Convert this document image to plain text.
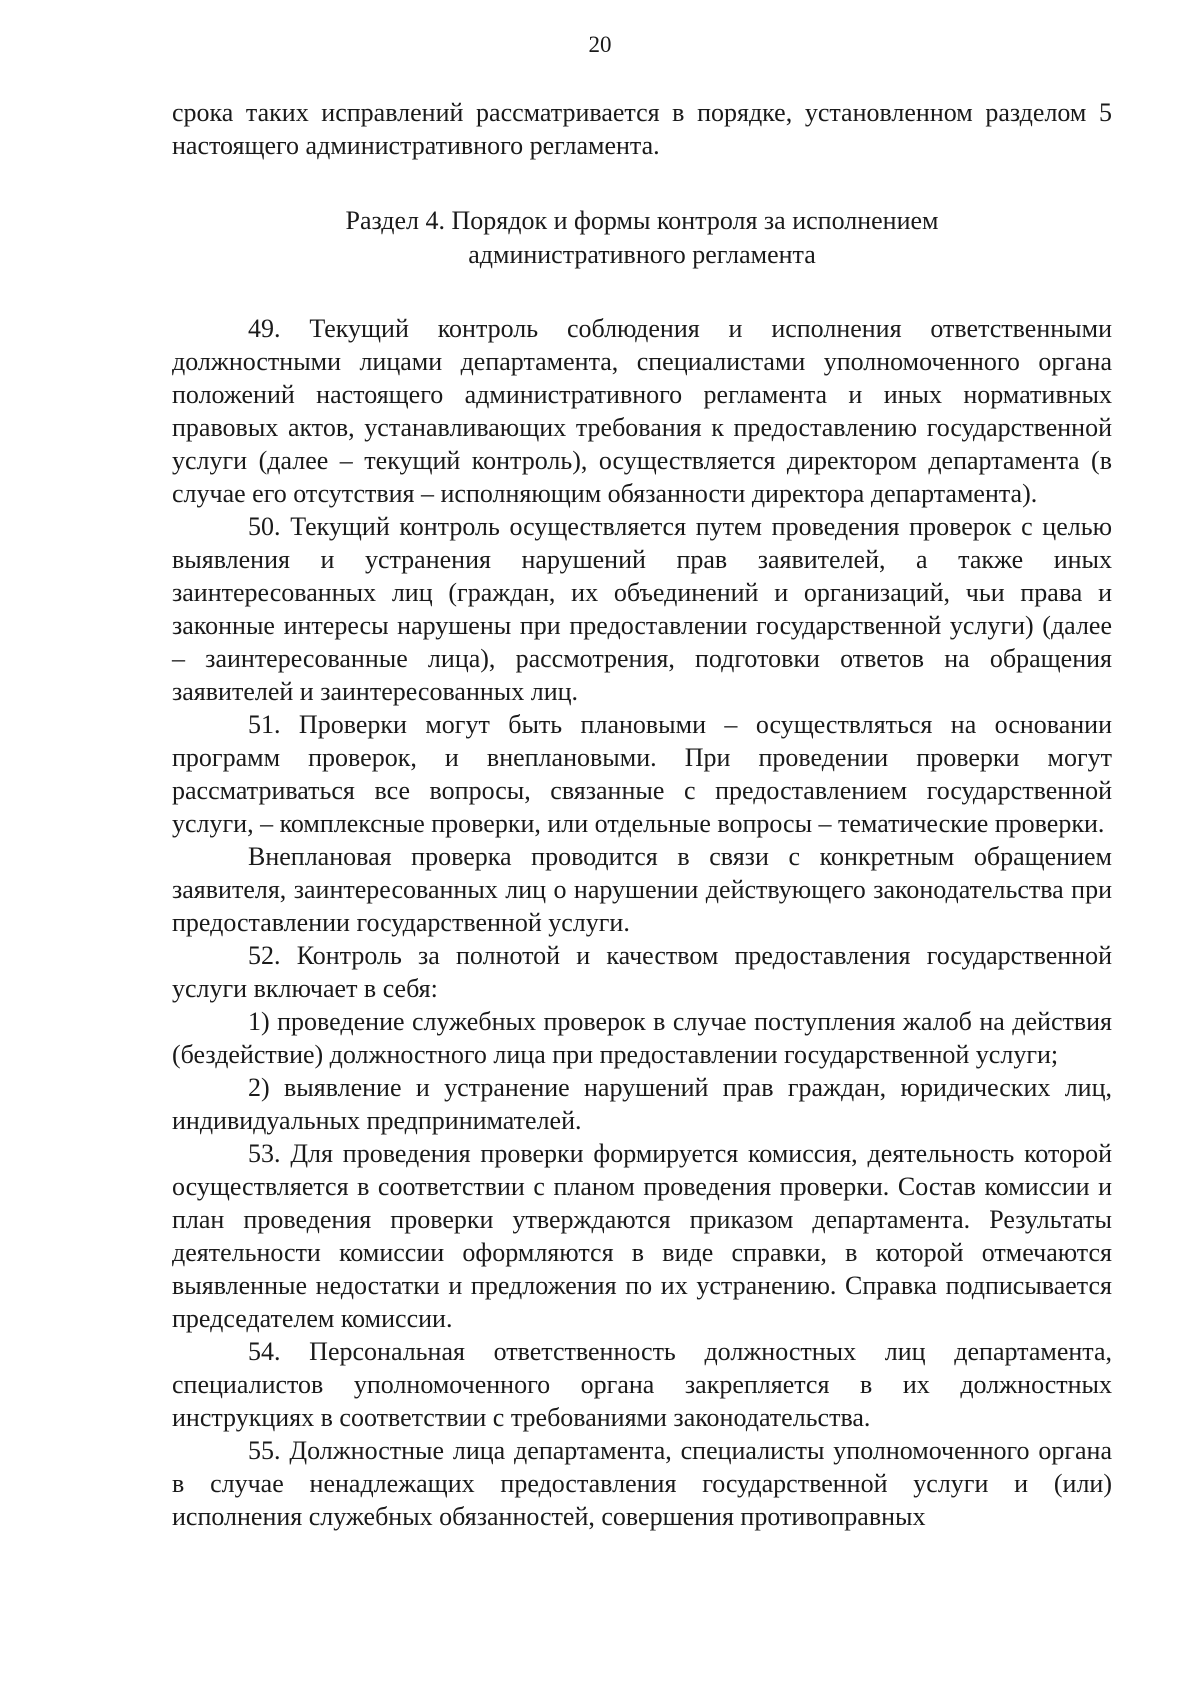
20

срока таких исправлений рассматривается в порядке, установленном разделом 5 настоящего административного регламента.

Раздел 4. Порядок и формы контроля за исполнением
административного регламента

49. Текущий контроль соблюдения и исполнения ответственными должностными лицами департамента, специалистами уполномоченного органа положений настоящего административного регламента и иных нормативных правовых актов, устанавливающих требования к предоставлению государственной услуги (далее – текущий контроль), осуществляется директором департамента (в случае его отсутствия – исполняющим обязанности директора департамента).

50. Текущий контроль осуществляется путем проведения проверок с целью выявления и устранения нарушений прав заявителей, а также иных заинтересованных лиц (граждан, их объединений и организаций, чьи права и законные интересы нарушены при предоставлении государственной услуги) (далее – заинтересованные лица), рассмотрения, подготовки ответов на обращения заявителей и заинтересованных лиц.

51. Проверки могут быть плановыми – осуществляться на основании программ проверок, и внеплановыми. При проведении проверки могут рассматриваться все вопросы, связанные с предоставлением государственной услуги, – комплексные проверки, или отдельные вопросы – тематические проверки.

Внеплановая проверка проводится в связи с конкретным обращением заявителя, заинтересованных лиц о нарушении действующего законодательства при предоставлении государственной услуги.

52. Контроль за полнотой и качеством предоставления государственной услуги включает в себя:

1) проведение служебных проверок в случае поступления жалоб на действия (бездействие) должностного лица при предоставлении государственной услуги;

2) выявление и устранение нарушений прав граждан, юридических лиц, индивидуальных предпринимателей.

53. Для проведения проверки формируется комиссия, деятельность которой осуществляется в соответствии с планом проведения проверки. Состав комиссии и план проведения проверки утверждаются приказом департамента. Результаты деятельности комиссии оформляются в виде справки, в которой отмечаются выявленные недостатки и предложения по их устранению. Справка подписывается председателем комиссии.

54. Персональная ответственность должностных лиц департамента, специалистов уполномоченного органа закрепляется в их должностных инструкциях в соответствии с требованиями законодательства.

55. Должностные лица департамента, специалисты уполномоченного органа в случае ненадлежащих предоставления государственной услуги и (или) исполнения служебных обязанностей, совершения противоправных
